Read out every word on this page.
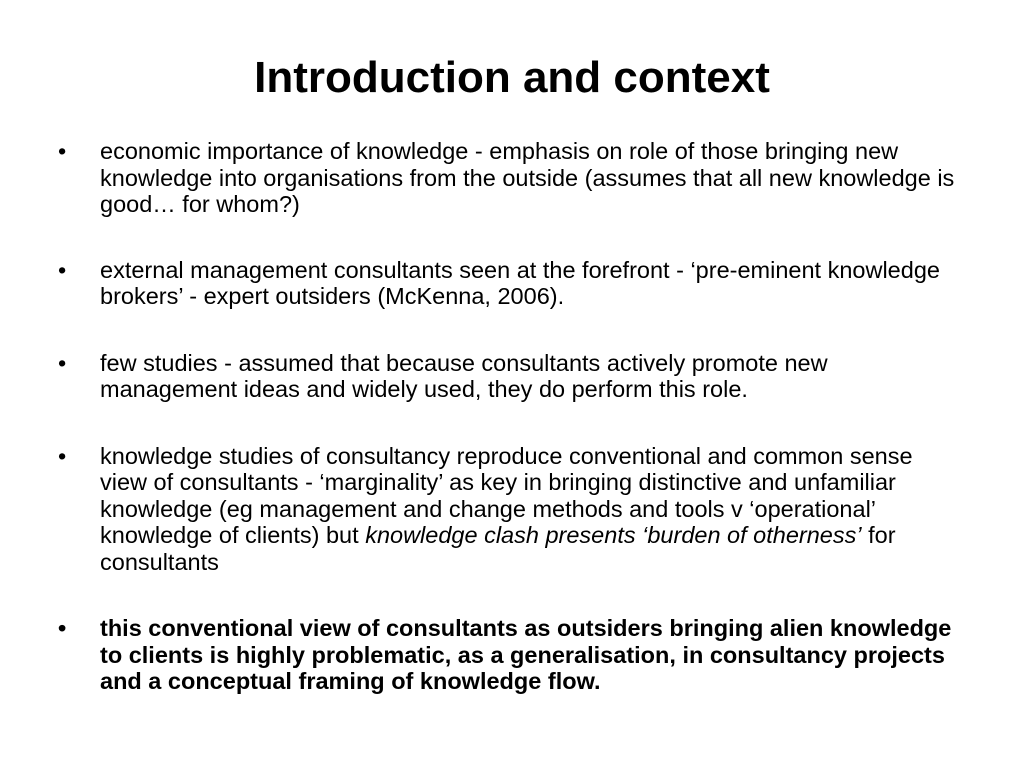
Introduction and context
•	economic importance of knowledge - emphasis on role of those bringing new knowledge into organisations from the outside (assumes that all new knowledge is good… for whom?)
•	external management consultants seen at the forefront - ‘pre-eminent knowledge brokers’ - expert outsiders (McKenna, 2006).
•	few studies - assumed that because consultants actively promote new management ideas and widely used, they do perform this role.
•	knowledge studies of consultancy reproduce conventional and common sense view of consultants - ‘marginality’ as key in bringing distinctive and unfamiliar knowledge (eg management and change methods and tools v ‘operational’ knowledge of clients) but knowledge clash presents ‘burden of otherness’ for consultants
•	this conventional view of consultants as outsiders bringing alien knowledge to clients is highly problematic, as a generalisation, in consultancy projects and a conceptual framing of knowledge flow.
